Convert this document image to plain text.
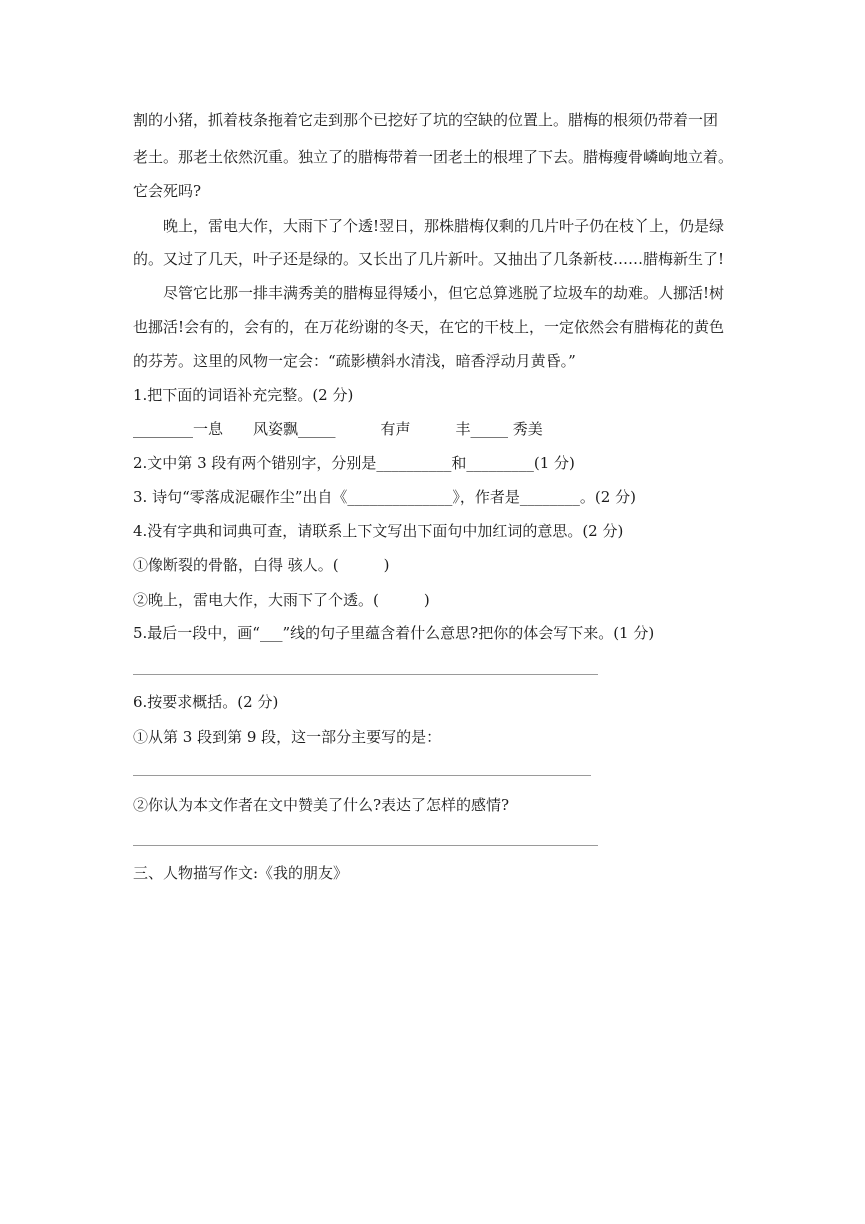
割的小猪，抓着枝条拖着它走到那个已挖好了坑的空缺的位置上。腊梅的根须仍带着一团
老土。那老土依然沉重。独立了的腊梅带着一团老土的根埋了下去。腊梅瘦骨嶙峋地立着。
它会死吗?
晚上，雷电大作，大雨下了个透!翌日，那株腊梅仅剩的几片叶子仍在枝丫上，仍是绿
的。又过了几天，叶子还是绿的。又长出了几片新叶。又抽出了几条新枝……腊梅新生了!
尽管它比那一排丰满秀美的腊梅显得矮小，但它总算逃脱了垃圾车的劫难。人挪活!树
也挪活!会有的，会有的，在万花纷谢的冬天，在它的干枝上，一定依然会有腊梅花的黄色
的芬芳。这里的风物一定会：“疏影横斜水清浅，暗香浮动月黄昏。”
1.把下面的词语补充完整。(2 分)
________一息　　风姿飘_____　　　有声　　　丰_____ 秀美
2.文中第 3 段有两个错别字，分别是__________和_________(1 分)
3. 诗句“零落成泥碾作尘”出自《______________》，作者是________。(2 分)
4.没有字典和词典可查，请联系上下文写出下面句中加红词的意思。(2 分)
①像断裂的骨骼，白得 骇人。(　　　)
②晚上，雷电大作，大雨下了个透。(　　　)
5.最后一段中，画“___”线的句子里蕴含着什么意思?把你的体会写下来。(1 分)
6.按要求概括。(2 分)
①从第 3 段到第 9 段，这一部分主要写的是：
②你认为本文作者在文中赞美了什么?表达了怎样的感情?
三、人物描写作文:《我的朋友》
